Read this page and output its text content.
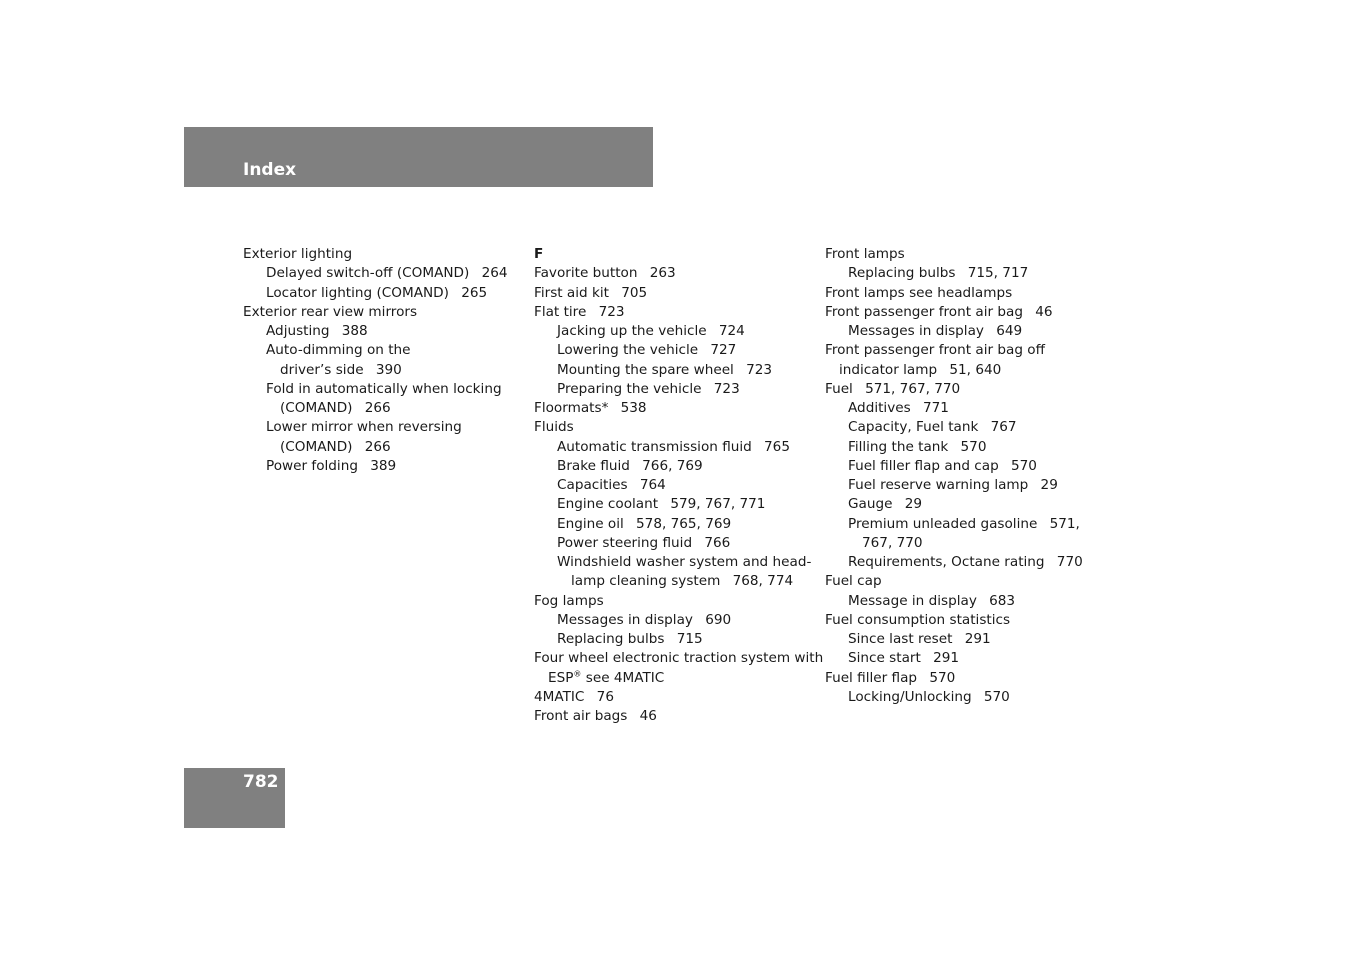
Index
Exterior lighting
Delayed switch-off (COMAND) 264
Locator lighting (COMAND) 265
Exterior rear view mirrors
Adjusting 388
Auto-dimming on the
driver’s side 390
Fold in automatically when locking
(COMAND) 266
Lower mirror when reversing
(COMAND) 266
Power folding 389
F
Favorite button 263
First aid kit 705
Flat tire 723
Jacking up the vehicle 724
Lowering the vehicle 727
Mounting the spare wheel 723
Preparing the vehicle 723
Floormats* 538
Fluids
Automatic transmission fluid 765
Brake fluid 766, 769
Capacities 764
Engine coolant 579, 767, 771
Engine oil 578, 765, 769
Power steering fluid 766
Windshield washer system and head-
lamp cleaning system 768, 774
Fog lamps
Messages in display 690
Replacing bulbs 715
Four wheel electronic traction system with
ESP® see 4MATIC
4MATIC 76
Front air bags 46
Front lamps
Replacing bulbs 715, 717
Front lamps see headlamps
Front passenger front air bag 46
Messages in display 649
Front passenger front air bag off
indicator lamp 51, 640
Fuel 571, 767, 770
Additives 771
Capacity, Fuel tank 767
Filling the tank 570
Fuel filler flap and cap 570
Fuel reserve warning lamp 29
Gauge 29
Premium unleaded gasoline 571,
767, 770
Requirements, Octane rating 770
Fuel cap
Message in display 683
Fuel consumption statistics
Since last reset 291
Since start 291
Fuel filler flap 570
Locking/Unlocking 570
782
